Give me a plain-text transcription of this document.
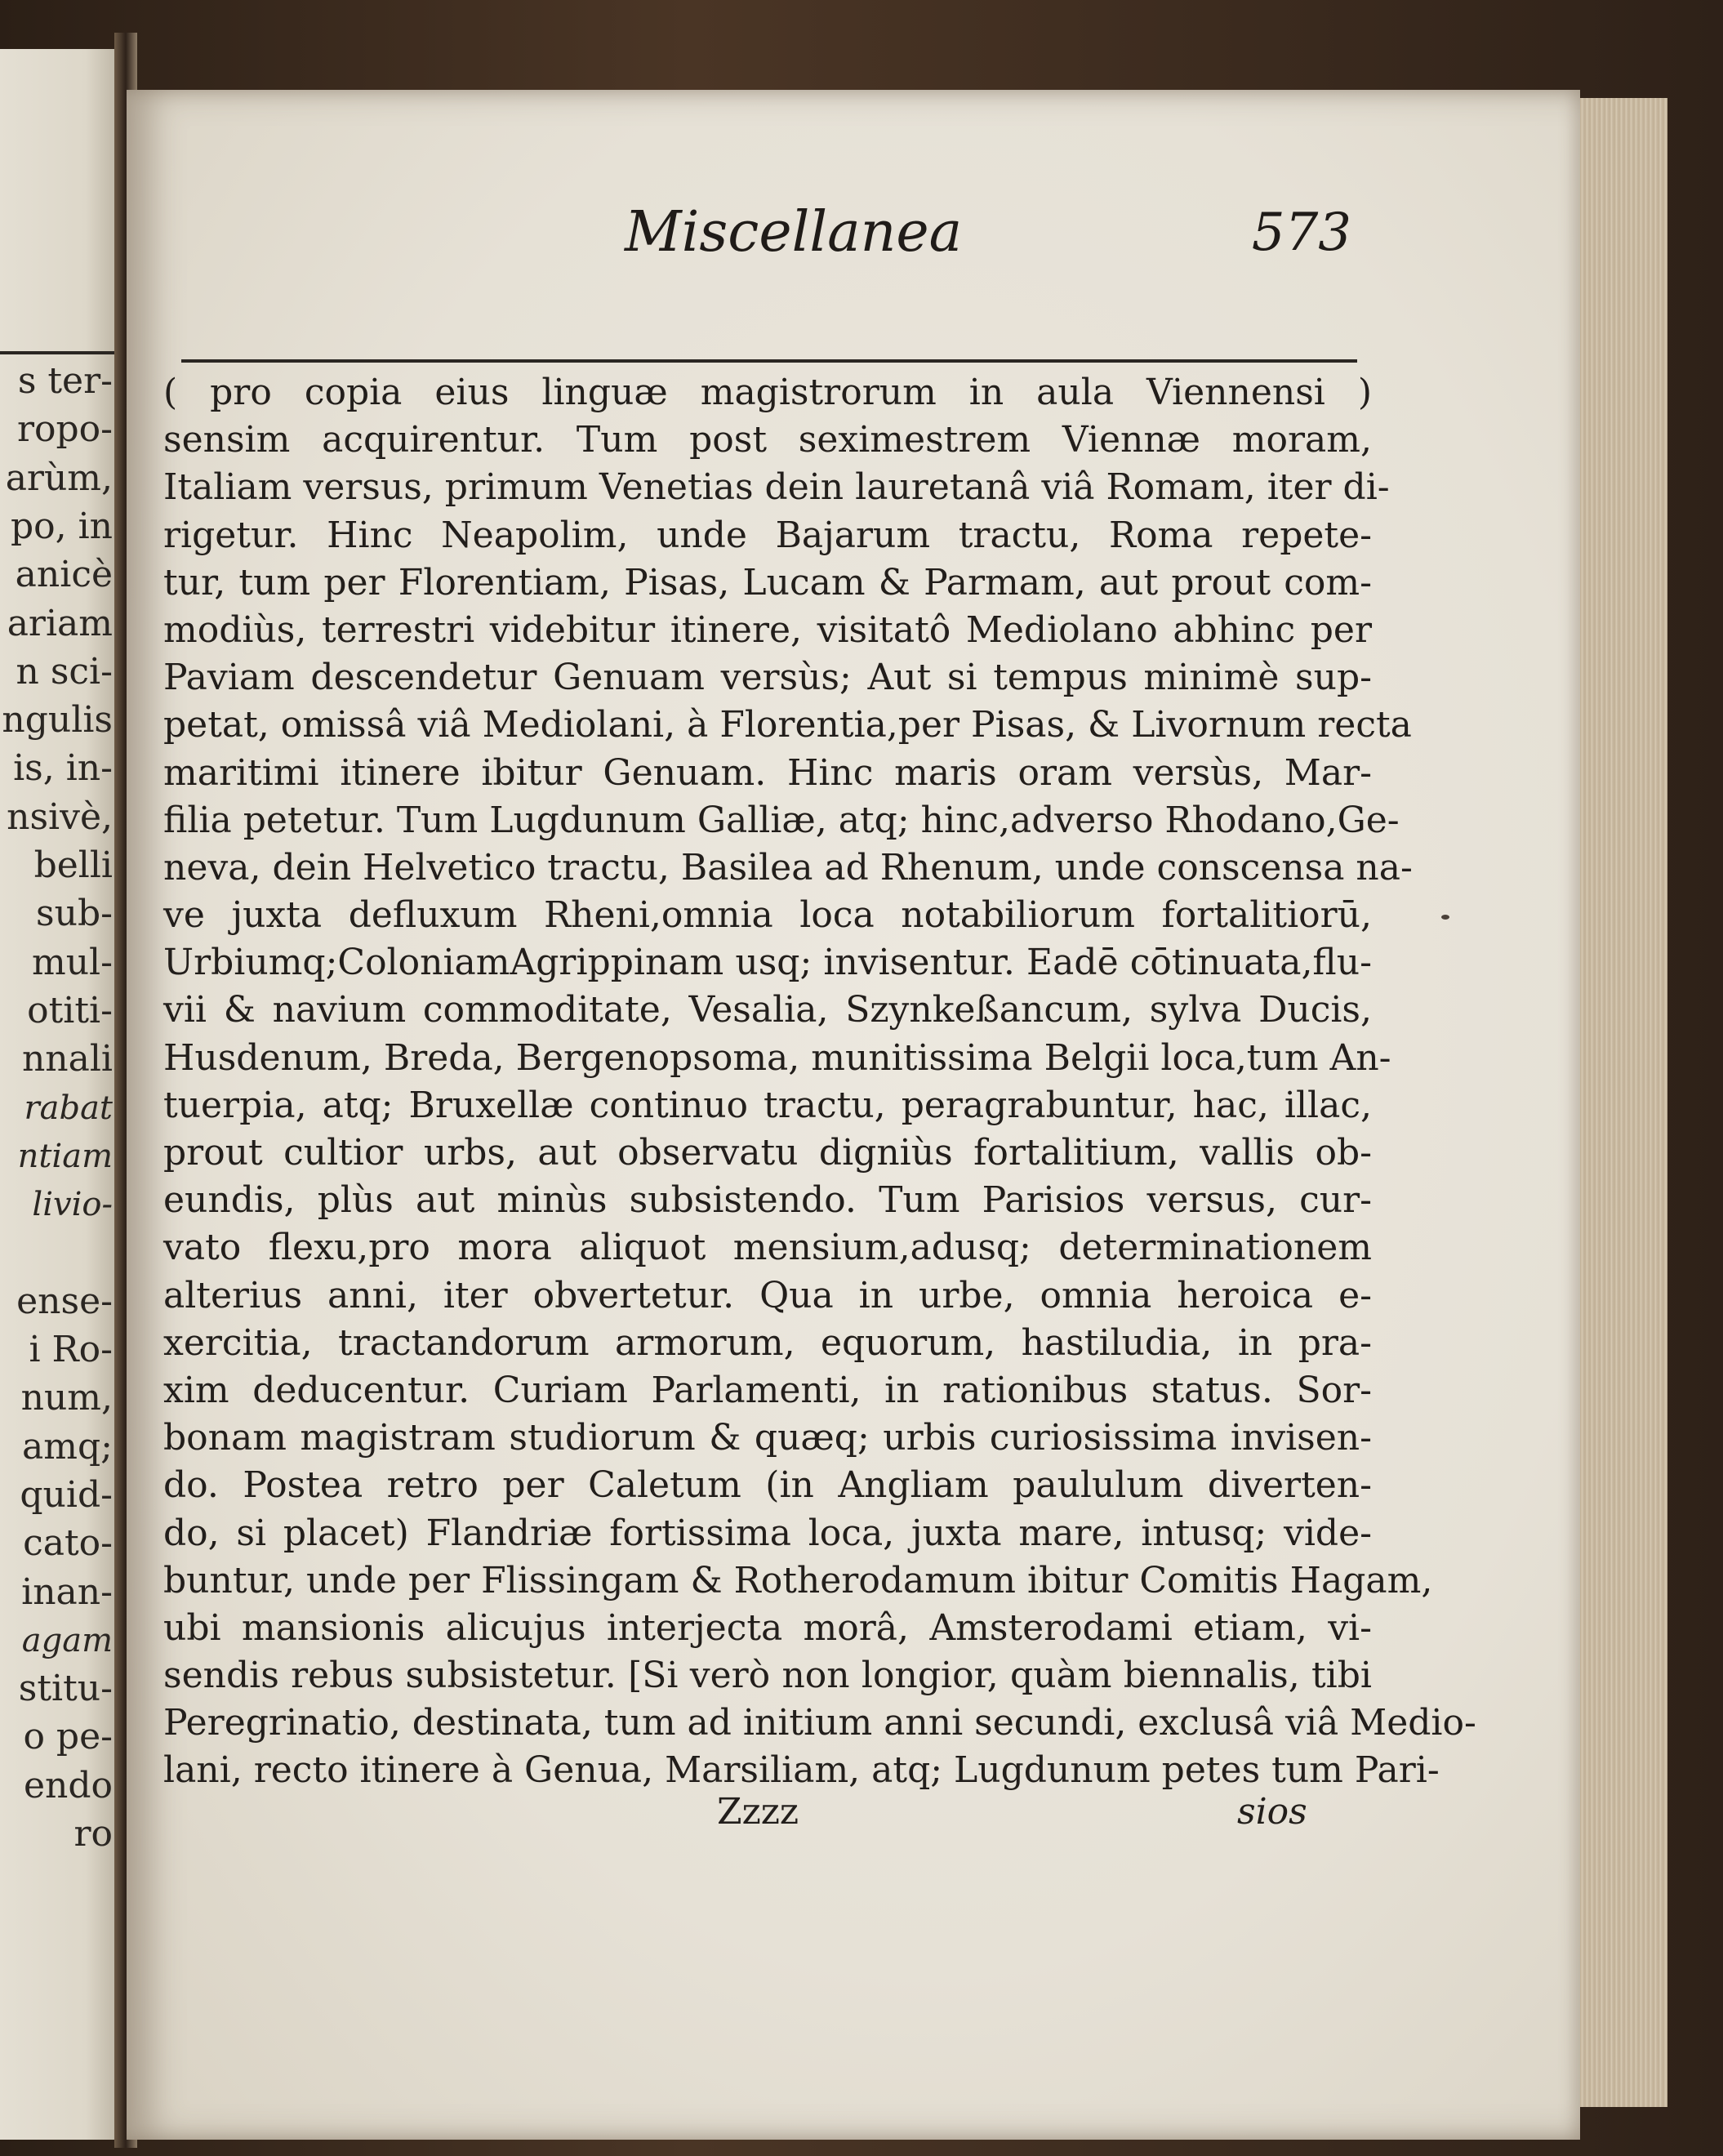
s ter-
ropo-
arùm,
po, in
anicè
ariam
n sci-
ngulis
is, in-
nsivè,
belli
sub-
mul-
otiti-
nnali
rabat
ntiam
livio-
ense-
i Ro-
num,
amq;
quid-
cato-
inan-
agam
stitu-
o pe-
endo
ro
Miscellanea	573
( pro copia eius linguæ magistrorum in aula Viennensi )
sensim acquirentur. Tum post seximestrem Viennæ moram,
Italiam versus, primum Venetias dein lauretanâ viâ Romam, iter di-
rigetur. Hinc Neapolim, unde Bajarum tractu, Roma repete-
tur, tum per Florentiam, Pisas, Lucam & Parmam, aut prout com-
modiùs, terrestri videbitur itinere, visitatô Mediolano abhinc per
Paviam descendetur Genuam versùs; Aut si tempus minimè sup-
petat, omissâ viâ Mediolani, à Florentia,per Pisas, & Livornum recta
maritimi itinere ibitur Genuam. Hinc maris oram versùs, Mar-
filia petetur. Tum Lugdunum Galliæ, atq; hinc,adverso Rhodano,Ge-
neva, dein Helvetico tractu, Basilea ad Rhenum, unde conscensa na-
ve juxta defluxum Rheni,omnia loca notabiliorum fortalitiorū,
Urbiumq;ColoniamAgrippinam usq; invisentur. Eadē cōtinuata,flu-
vii & navium commoditate, Vesalia, Szynkeßancum, sylva Ducis,
Husdenum, Breda, Bergenopsoma, munitissima Belgii loca,tum An-
tuerpia, atq; Bruxellæ continuo tractu, peragrabuntur, hac, illac,
prout cultior urbs, aut observatu digniùs fortalitium, vallis ob-
eundis, plùs aut minùs subsistendo. Tum Parisios versus, cur-
vato flexu,pro mora aliquot mensium,adusq; determinationem
alterius anni, iter obvertetur. Qua in urbe, omnia heroica e-
xercitia, tractandorum armorum, equorum, hastiludia, in pra-
xim deducentur. Curiam Parlamenti, in rationibus status. Sor-
bonam magistram studiorum & quæq; urbis curiosissima invisen-
do. Postea retro per Caletum (in Angliam paululum diverten-
do, si placet) Flandriæ fortissima loca, juxta mare, intusq; vide-
buntur, unde per Flissingam & Rotherodamum ibitur Comitis Hagam,
ubi mansionis alicujus interjecta morâ, Amsterodami etiam, vi-
sendis rebus subsistetur. [Si verò non longior, quàm biennalis, tibi
Peregrinatio, destinata, tum ad initium anni secundi, exclusâ viâ Medio-
lani, recto itinere à Genua, Marsiliam, atq; Lugdunum petes tum Pari-
Zzzz	sios
